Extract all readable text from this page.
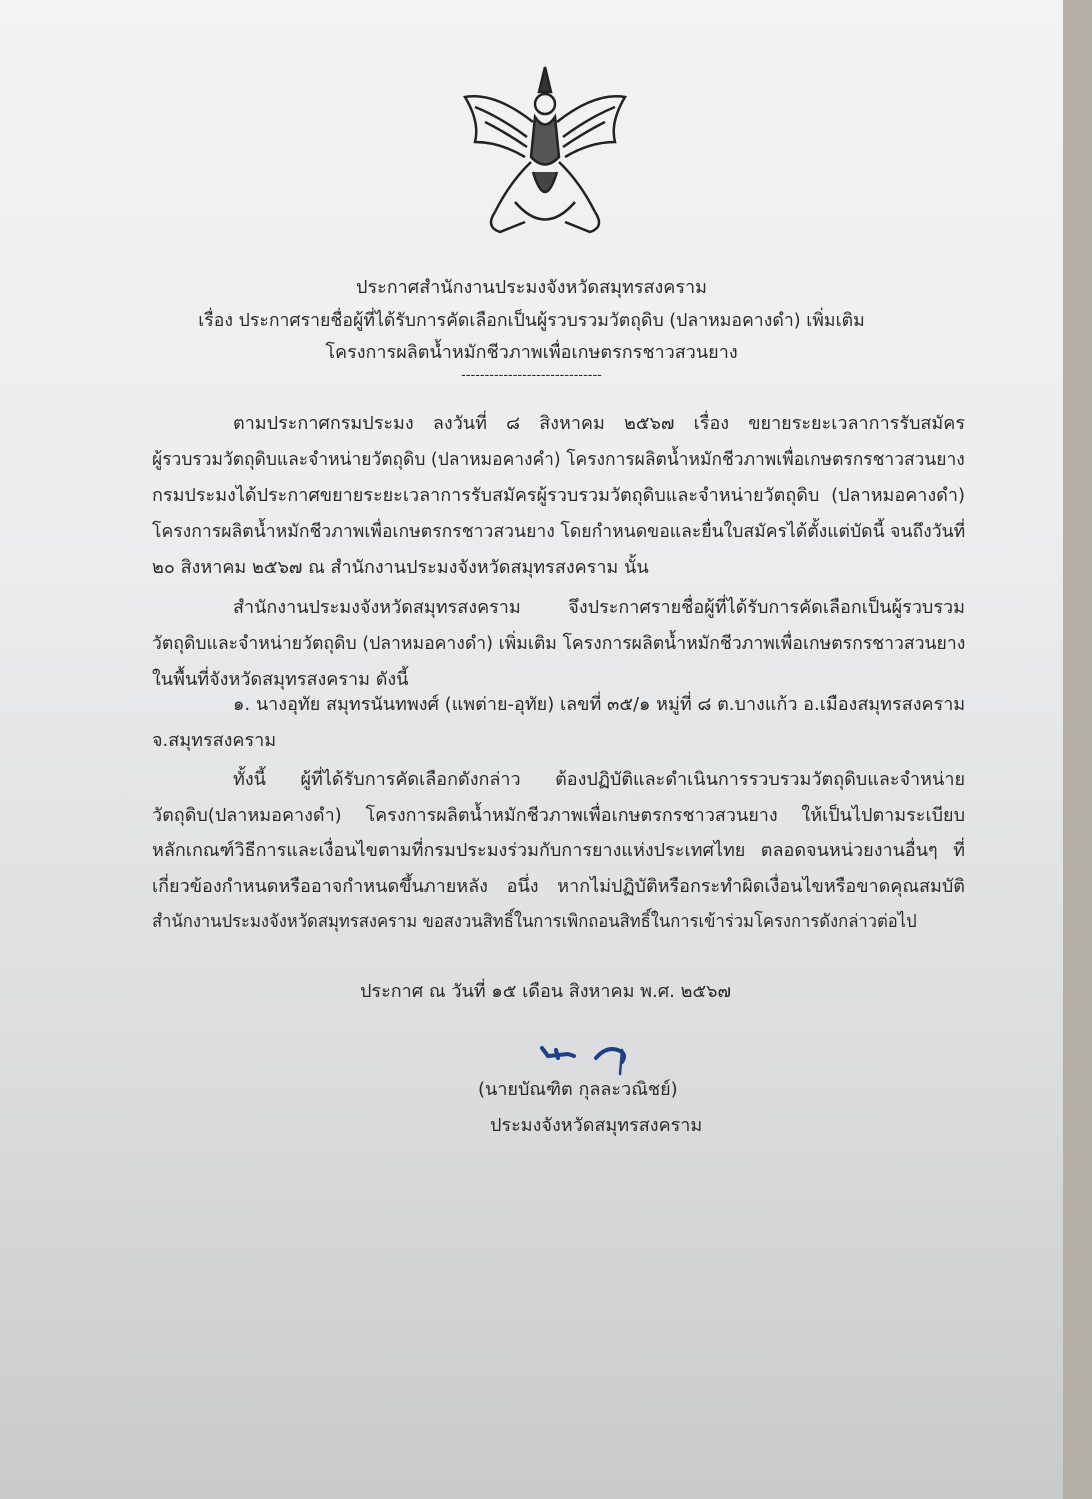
ประกาศสำนักงานประมงจังหวัดสมุทรสงคราม
เรื่อง ประกาศรายชื่อผู้ที่ได้รับการคัดเลือกเป็นผู้รวบรวมวัตถุดิบ (ปลาหมอคางดำ) เพิ่มเติม
โครงการผลิตน้ำหมักชีวภาพเพื่อเกษตรกรชาวสวนยาง
------------------------------
ตามประกาศกรมประมง ลงวันที่ ๘ สิงหาคม ๒๕๖๗ เรื่อง ขยายระยะเวลาการรับสมัคร
ผู้รวบรวมวัตถุดิบและจำหน่ายวัตถุดิบ (ปลาหมอคางคำ) โครงการผลิตน้ำหมักชีวภาพเพื่อเกษตรกรชาวสวนยาง
กรมประมงได้ประกาศขยายระยะเวลาการรับสมัครผู้รวบรวมวัตถุดิบและจำหน่ายวัตถุดิบ (ปลาหมอคางดำ)
โครงการผลิตน้ำหมักชีวภาพเพื่อเกษตรกรชาวสวนยาง โดยกำหนดขอและยื่นใบสมัครได้ตั้งแต่บัดนี้ จนถึงวันที่
๒๐ สิงหาคม ๒๕๖๗ ณ สำนักงานประมงจังหวัดสมุทรสงคราม นั้น
สำนักงานประมงจังหวัดสมุทรสงคราม จึงประกาศรายชื่อผู้ที่ได้รับการคัดเลือกเป็นผู้รวบรวม
วัตถุดิบและจำหน่ายวัตถุดิบ (ปลาหมอคางดำ) เพิ่มเติม โครงการผลิตน้ำหมักชีวภาพเพื่อเกษตรกรชาวสวนยาง
ในพื้นที่จังหวัดสมุทรสงคราม ดังนี้
๑. นางอุทัย สมุทรนันทพงศ์ (แพต่าย-อุทัย) เลขที่ ๓๕/๑ หมู่ที่ ๘ ต.บางแก้ว อ.เมืองสมุทรสงคราม
จ.สมุทรสงคราม
ทั้งนี้ ผู้ที่ได้รับการคัดเลือกดังกล่าว ต้องปฏิบัติและดำเนินการรวบรวมวัตถุดิบและจำหน่าย
วัตถุดิบ(ปลาหมอคางดำ) โครงการผลิตน้ำหมักชีวภาพเพื่อเกษตรกรชาวสวนยาง ให้เป็นไปตามระเบียบ
หลักเกณฑ์วิธีการและเงื่อนไขตามที่กรมประมงร่วมกับการยางแห่งประเทศไทย ตลอดจนหน่วยงานอื่นๆ ที่
เกี่ยวข้องกำหนดหรืออาจกำหนดขึ้นภายหลัง อนึ่ง หากไม่ปฏิบัติหรือกระทำผิดเงื่อนไขหรือขาดคุณสมบัติ
สำนักงานประมงจังหวัดสมุทรสงคราม ขอสงวนสิทธิ์ในการเพิกถอนสิทธิ์ในการเข้าร่วมโครงการดังกล่าวต่อไป
ประกาศ ณ วันที่ ๑๕ เดือน สิงหาคม พ.ศ. ๒๕๖๗
(นายบัณฑิต กุลละวณิชย์)
ประมงจังหวัดสมุทรสงคราม
